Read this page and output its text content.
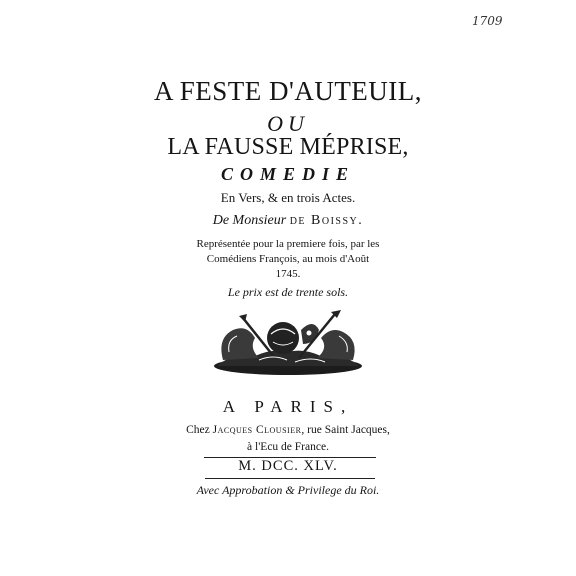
1709
A FESTE D'AUTEUIL,
OU
LA FAUSSE MÉPRISE,
COMEDIE
En Vers, & en trois Actes.
De Monsieur de Boissy.
Représentée pour la premiere fois, par les
Comédiens François, au mois d'Août
1745.
Le prix est de trente sols.
A PARIS,
Chez Jacques Clousier, rue Saint Jacques,
à l'Ecu de France.
M. DCC. XLV.
Avec Approbation & Privilege du Roi.
